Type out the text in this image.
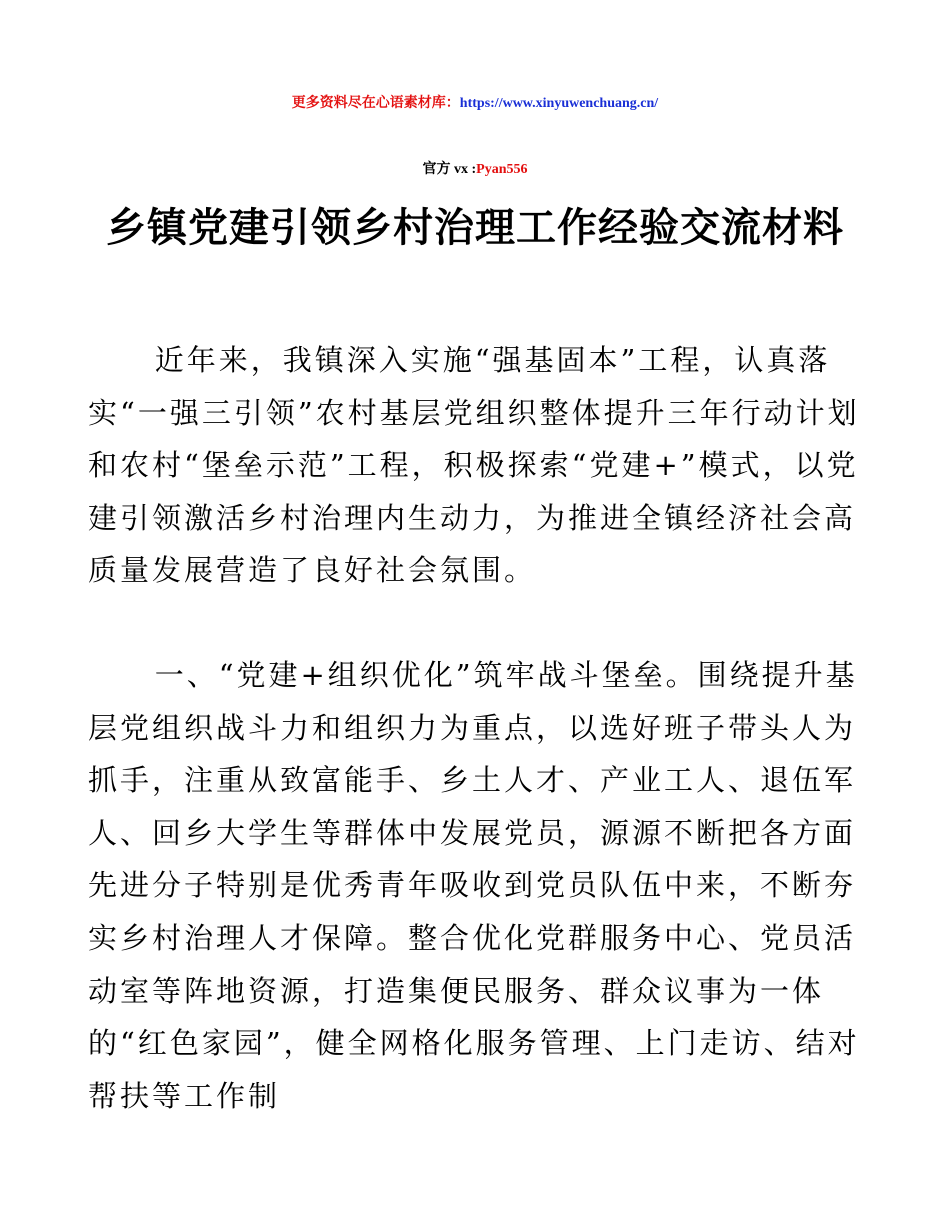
更多资料尽在心语素材库：https://www.xinyuwenchuang.cn/
官方 vx :Pyan556
乡镇党建引领乡村治理工作经验交流材料

近年来，我镇深入实施“强基固本”工程，认真落实“一强三引领”农村基层党组织整体提升三年行动计划和农村“堡垒示范”工程，积极探索“党建+”模式，以党建引领激活乡村治理内生动力，为推进全镇经济社会高质量发展营造了良好社会氛围。

一、“党建+组织优化”筑牢战斗堡垒。围绕提升基层党组织战斗力和组织力为重点，以选好班子带头人为抓手，注重从致富能手、乡土人才、产业工人、退伍军人、回乡大学生等群体中发展党员，源源不断把各方面先进分子特别是优秀青年吸收到党员队伍中来，不断夯实乡村治理人才保障。整合优化党群服务中心、党员活动室等阵地资源，打造集便民服务、群众议事为一体的“红色家园”，健全网格化服务管理、上门走访、结对帮扶等工作制
